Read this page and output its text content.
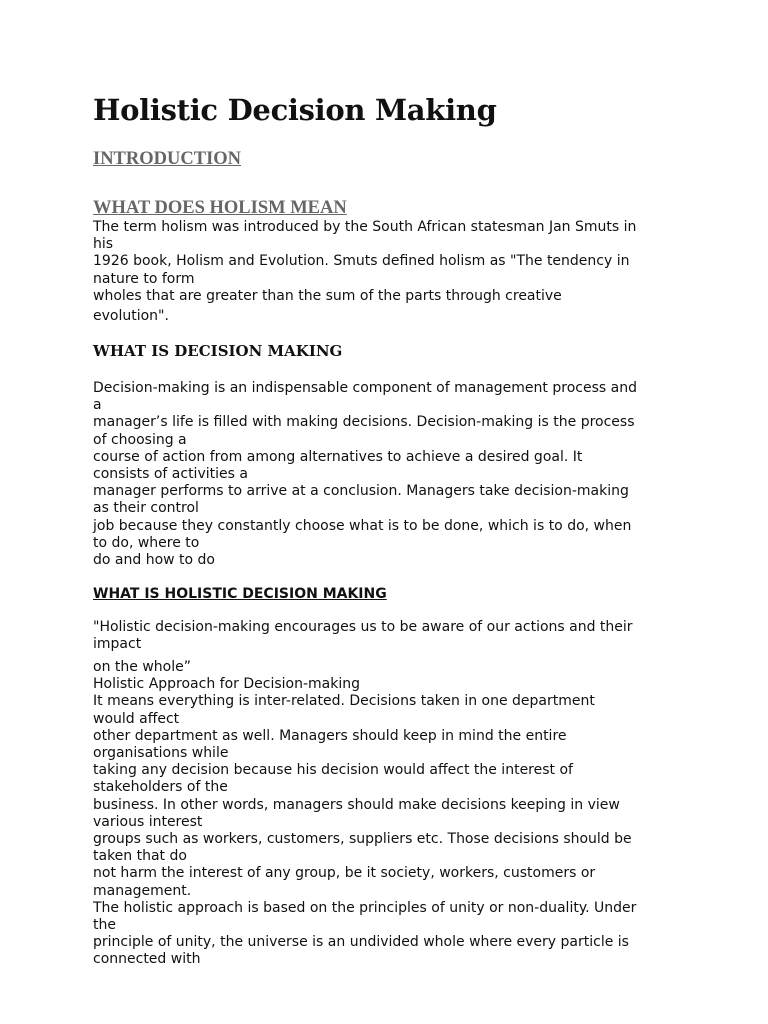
Holistic Decision Making
INTRODUCTION
WHAT DOES HOLISM MEAN
The term holism was introduced by the South African statesman Jan Smuts in
his
1926 book, Holism and Evolution. Smuts defined holism as "The tendency in
nature to form
wholes that are greater than the sum of the parts through creative
evolution".
WHAT IS DECISION MAKING
Decision-making is an indispensable component of management process and
a
manager’s life is filled with making decisions. Decision-making is the process
of choosing a
course of action from among alternatives to achieve a desired goal. It
consists of activities a
manager performs to arrive at a conclusion. Managers take decision-making
as their control
job because they constantly choose what is to be done, which is to do, when
to do, where to
do and how to do
WHAT IS HOLISTIC DECISION MAKING
"Holistic decision-making encourages us to be aware of our actions and their
impact
on the whole”
Holistic Approach for Decision-making
It means everything is inter-related. Decisions taken in one department
would affect
other department as well. Managers should keep in mind the entire
organisations while
taking any decision because his decision would affect the interest of
stakeholders of the
business. In other words, managers should make decisions keeping in view
various interest
groups such as workers, customers, suppliers etc. Those decisions should be
taken that do
not harm the interest of any group, be it society, workers, customers or
management.
The holistic approach is based on the principles of unity or non-duality. Under
the
principle of unity, the universe is an undivided whole where every particle is
connected with
